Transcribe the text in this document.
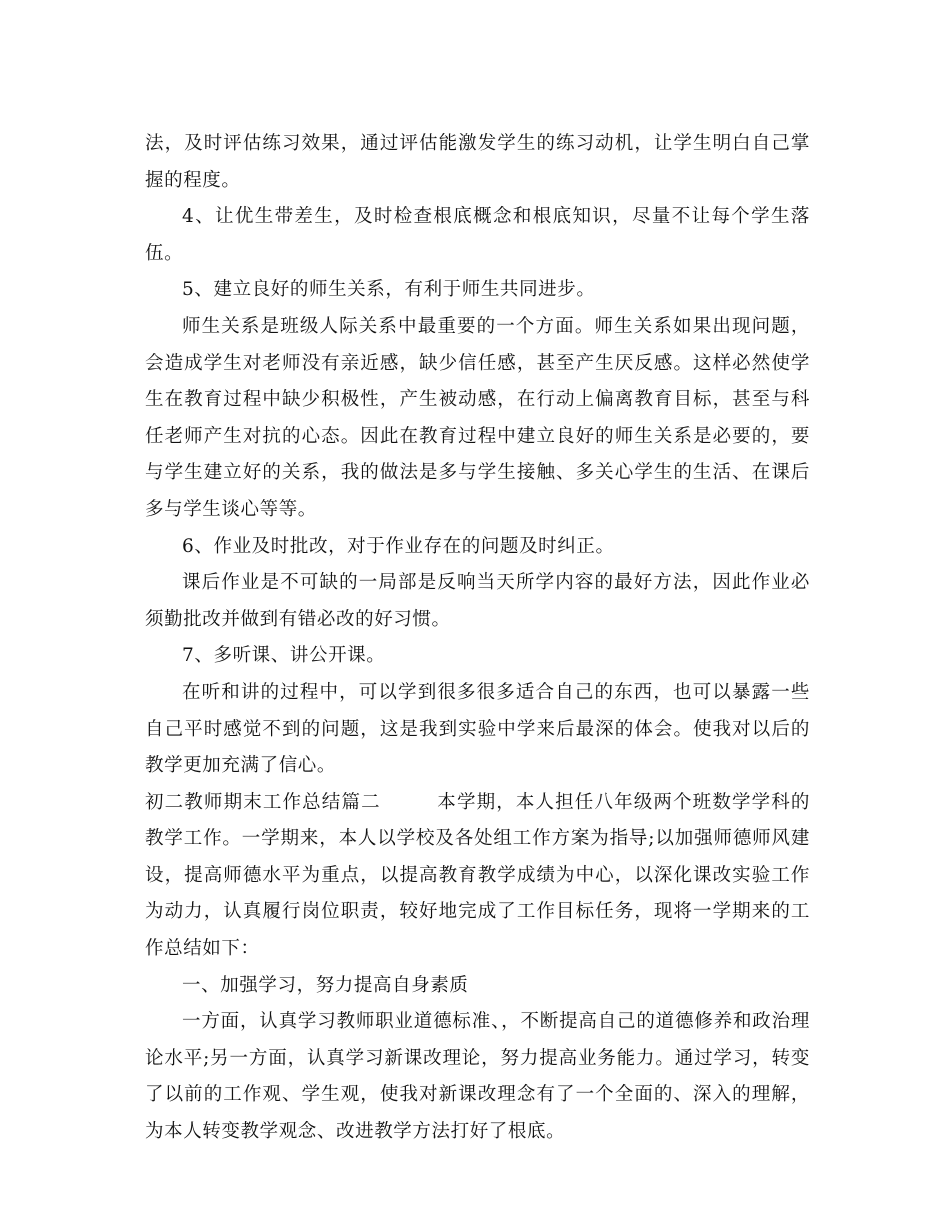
法，及时评估练习效果，通过评估能激发学生的练习动机，让学生明白自己掌握的程度。

4、让优生带差生，及时检查根底概念和根底知识，尽量不让每个学生落伍。

5、建立良好的师生关系，有利于师生共同进步。

师生关系是班级人际关系中最重要的一个方面。师生关系如果出现问题，会造成学生对老师没有亲近感，缺少信任感，甚至产生厌反感。这样必然使学生在教育过程中缺少积极性，产生被动感，在行动上偏离教育目标，甚至与科任老师产生对抗的心态。因此在教育过程中建立良好的师生关系是必要的，要与学生建立好的关系，我的做法是多与学生接触、多关心学生的生活、在课后多与学生谈心等等。

6、作业及时批改，对于作业存在的问题及时纠正。

课后作业是不可缺的一局部是反响当天所学内容的最好方法，因此作业必须勤批改并做到有错必改的好习惯。

7、多听课、讲公开课。

在听和讲的过程中，可以学到很多很多适合自己的东西，也可以暴露一些自己平时感觉不到的问题，这是我到实验中学来后最深的体会。使我对以后的教学更加充满了信心。

初二教师期末工作总结篇二	本学期，本人担任八年级两个班数学学科的教学工作。一学期来，本人以学校及各处组工作方案为指导;以加强师德师风建设，提高师德水平为重点，以提高教育教学成绩为中心，以深化课改实验工作为动力，认真履行岗位职责，较好地完成了工作目标任务，现将一学期来的工作总结如下：

一、加强学习，努力提高自身素质

一方面，认真学习教师职业道德标准、，不断提高自己的道德修养和政治理论水平;另一方面，认真学习新课改理论，努力提高业务能力。通过学习，转变了以前的工作观、学生观，使我对新课改理念有了一个全面的、深入的理解，为本人转变教学观念、改进教学方法打好了根底。
